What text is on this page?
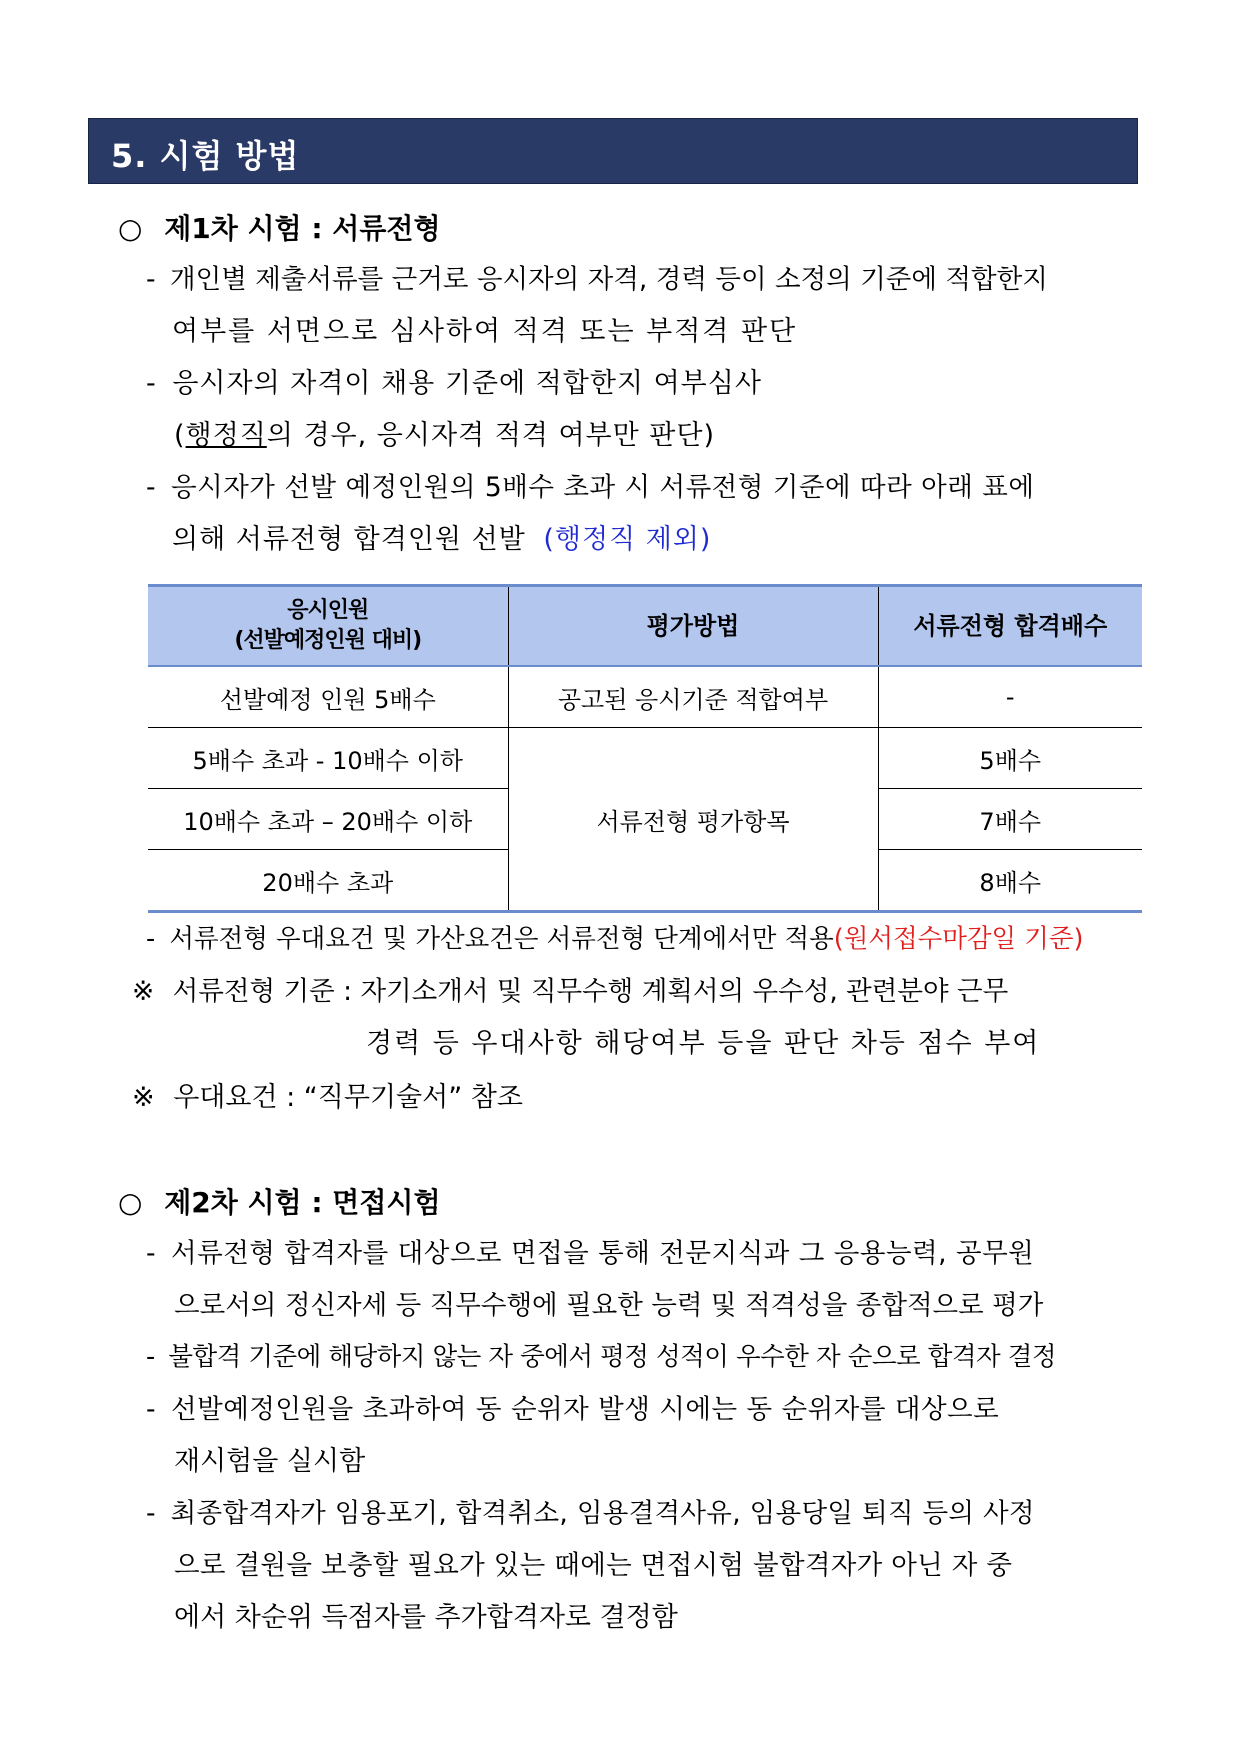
5. 시험 방법
○ 제1차 시험 : 서류전형
- 개인별 제출서류를 근거로 응시자의 자격, 경력 등이 소정의 기준에 적합한지
여부를 서면으로 심사하여 적격 또는 부적격 판단
- 응시자의 자격이 채용 기준에 적합한지 여부심사
(행정직의 경우, 응시자격 적격 여부만 판단)
- 응시자가 선발 예정인원의 5배수 초과 시 서류전형 기준에 따라 아래 표에
의해 서류전형 합격인원 선발 (행정직 제외)
응시인원
(선발예정인원 대비)	평가방법	서류전형 합격배수
선발예정 인원 5배수	공고된 응시기준 적합여부	-
5배수 초과 - 10배수 이하	서류전형 평가항목	5배수
10배수 초과 – 20배수 이하		7배수
20배수 초과		8배수
- 서류전형 우대요건 및 가산요건은 서류전형 단계에서만 적용(원서접수마감일 기준)
※ 서류전형 기준 : 자기소개서 및 직무수행 계획서의 우수성, 관련분야 근무
경력 등 우대사항 해당여부 등을 판단 차등 점수 부여
※ 우대요건 : “직무기술서” 참조
○ 제2차 시험 : 면접시험
- 서류전형 합격자를 대상으로 면접을 통해 전문지식과 그 응용능력, 공무원
으로서의 정신자세 등 직무수행에 필요한 능력 및 적격성을 종합적으로 평가
- 불합격 기준에 해당하지 않는 자 중에서 평정 성적이 우수한 자 순으로 합격자 결정
- 선발예정인원을 초과하여 동 순위자 발생 시에는 동 순위자를 대상으로
재시험을 실시함
- 최종합격자가 임용포기, 합격취소, 임용결격사유, 임용당일 퇴직 등의 사정
으로 결원을 보충할 필요가 있는 때에는 면접시험 불합격자가 아닌 자 중
에서 차순위 득점자를 추가합격자로 결정함
